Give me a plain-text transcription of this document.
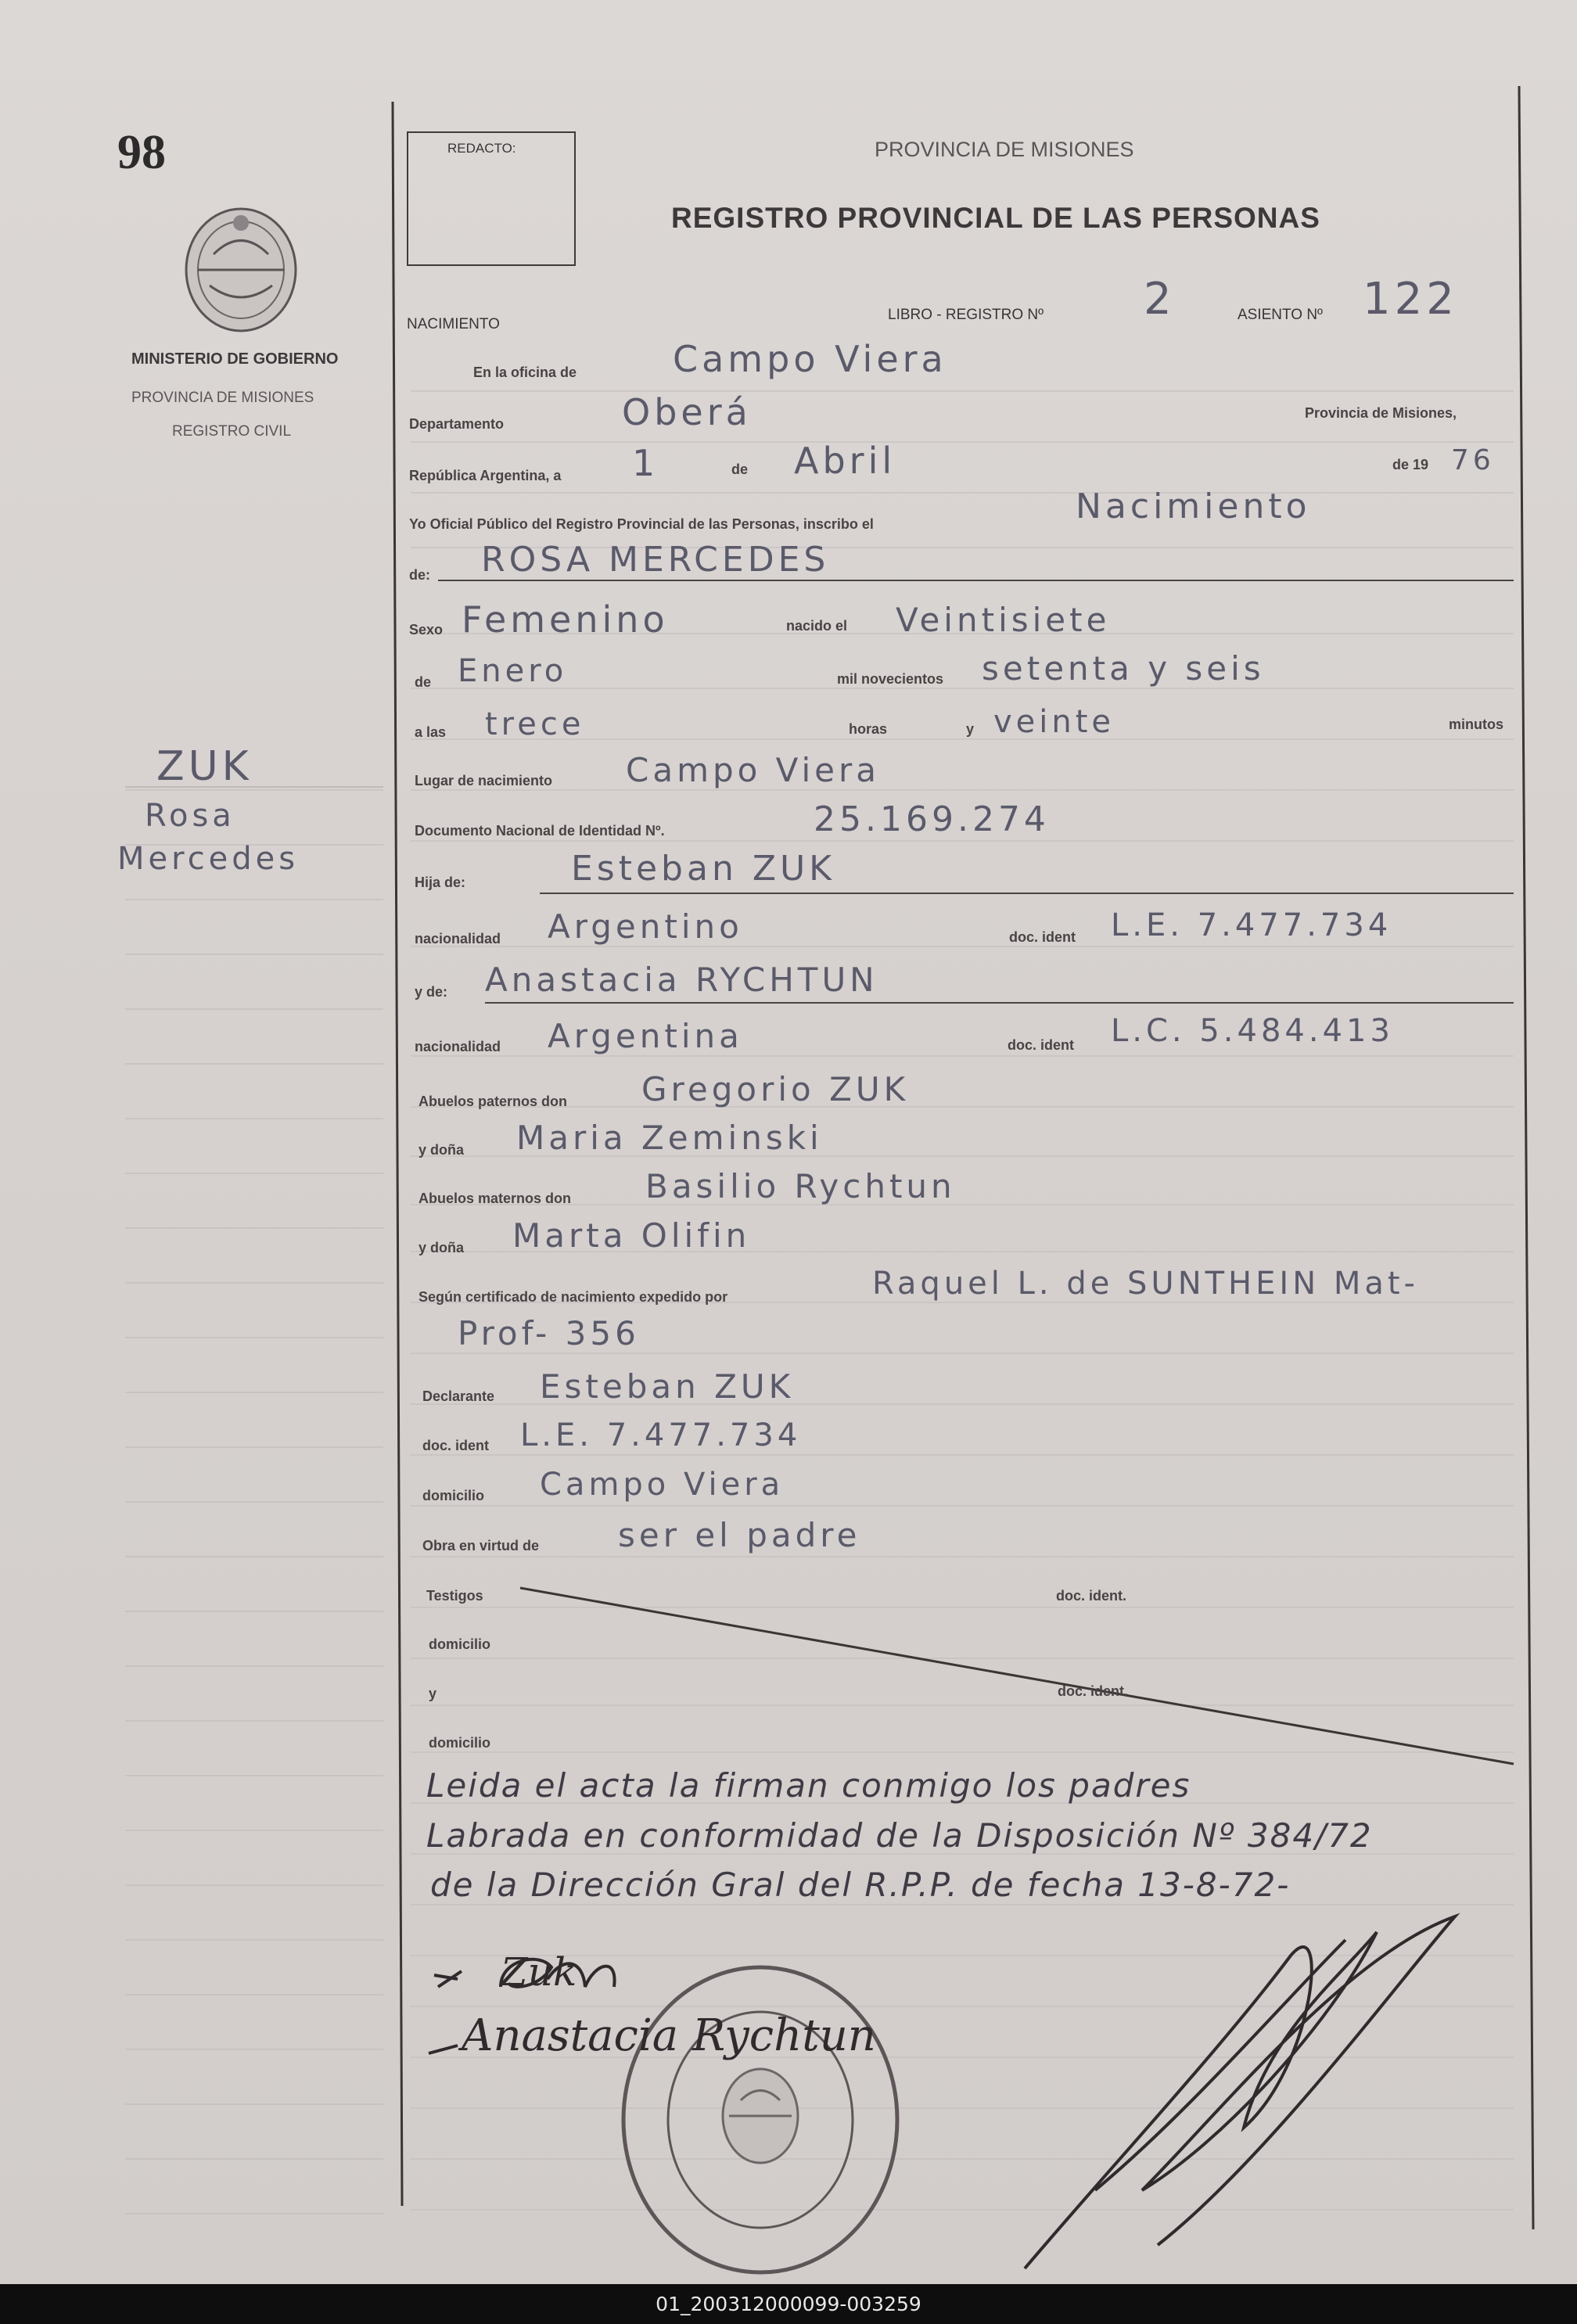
98
MINISTERIO DE GOBIERNO
PROVINCIA DE MISIONES
REGISTRO CIVIL
ZUK
Rosa
Mercedes
REDACTO:	PROVINCIA DE MISIONES
REGISTRO PROVINCIAL DE LAS PERSONAS
NACIMIENTO
LIBRO - REGISTRO Nº 2	ASIENTO Nº 122
En la oficina de	Campo Viera
Departamento	Oberá	Provincia de Misiones,
República Argentina, a 1	de Abril	de 19 76
Yo Oficial Público del Registro Provincial de las Personas, inscribo el	Nacimiento
de: ROSA MERCEDES
Sexo Femenino	nacido el Veintisiete
de Enero	mil novecientos setenta y seis
a las trece	horas	y veinte	minutos
Lugar de nacimiento Campo Viera
Documento Nacional de Identidad Nº.	25.169.274
Hija de:	Esteban ZUK
nacionalidad Argentino	doc. ident L.E. 7.477.734
y de: Anastacia RYCHTUN
nacionalidad Argentina	doc. ident L.C. 5.484.413
Abuelos paternos don Gregorio ZUK
y doña Maria Zeminski
Abuelos maternos don Basilio Rychtun
y doña Marta Olifin
Según certificado de nacimiento expedido por	Raquel L. de SUNTHEIN Mat-
Prof- 356
Declarante Esteban ZUK
doc. ident L.E. 7.477.734
domicilio Campo Viera
Obra en virtud de ser el padre
Testigos	doc. ident.
domicilio
y	doc. ident.
domicilio
Leida el acta la firman conmigo los padres
Labrada en conformidad de la Disposición Nº 384/72
de la Dirección Gral del R.P.P. de fecha 13-8-72-
Zuk
Anastacia Rychtun
01_200312000099-003259
